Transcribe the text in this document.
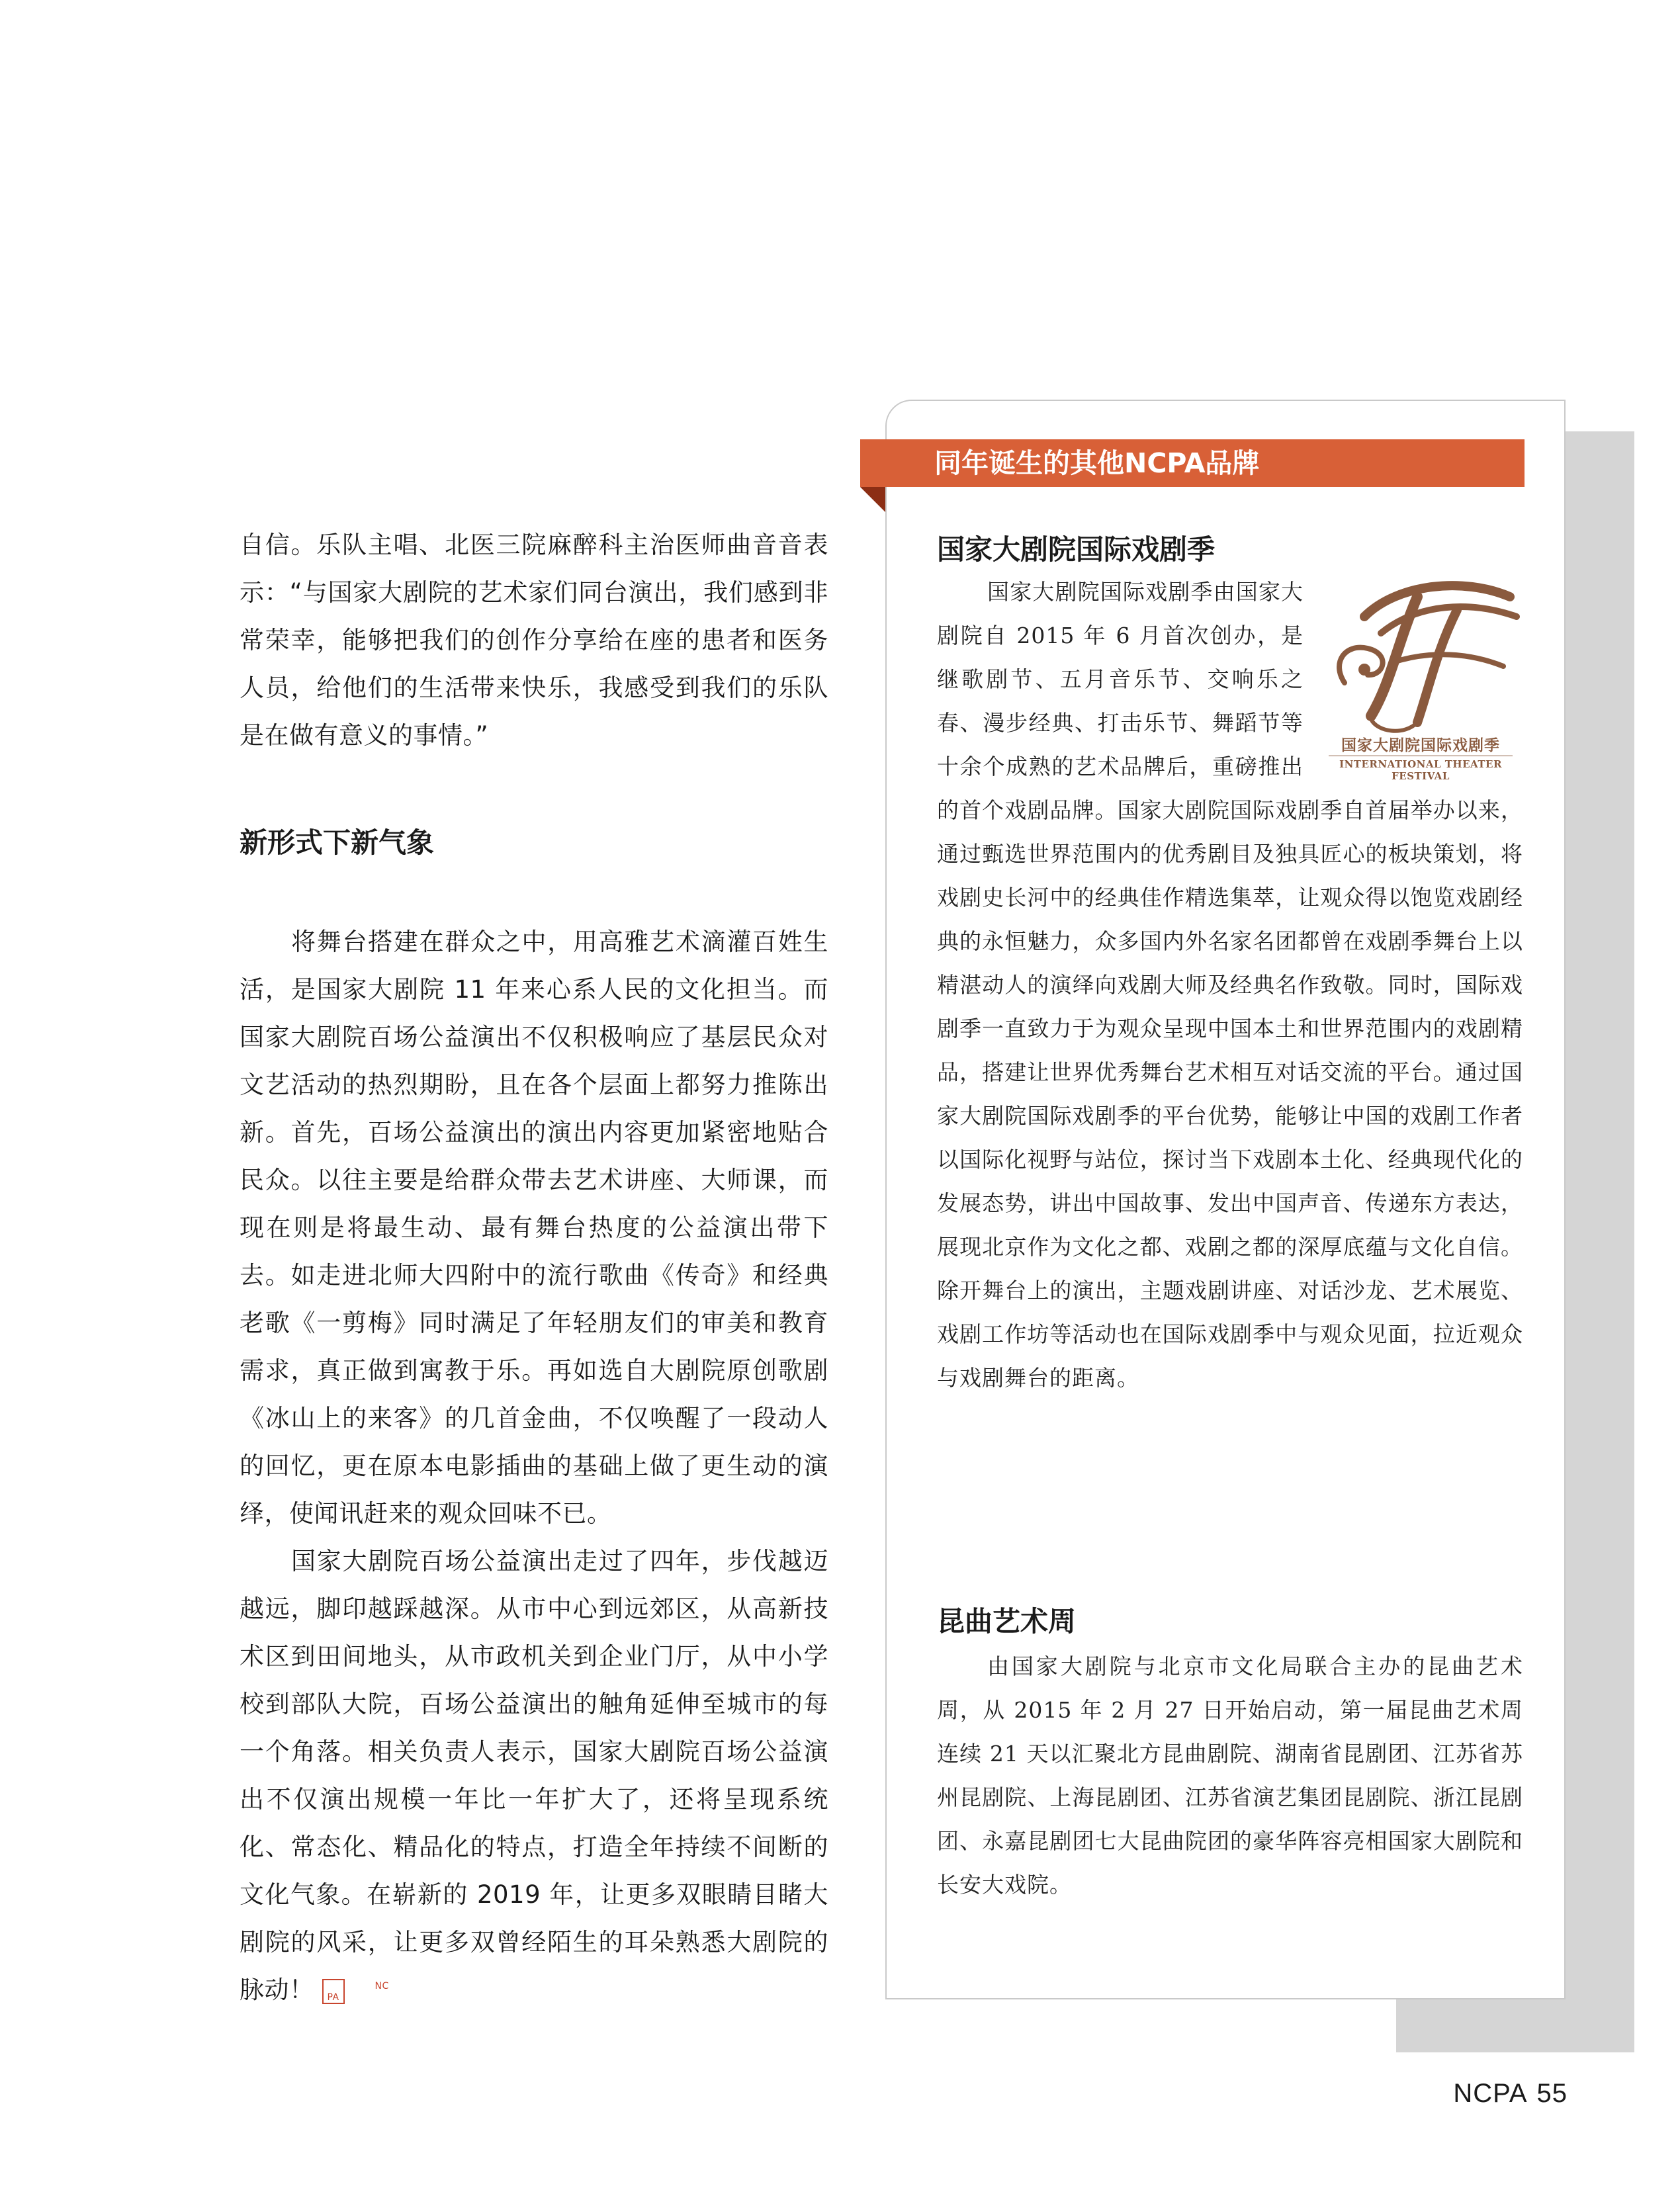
自信。乐队主唱、北医三院麻醉科主治医师曲音音表示：“与国家大剧院的艺术家们同台演出，我们感到非常荣幸，能够把我们的创作分享给在座的患者和医务人员，给他们的生活带来快乐，我感受到我们的乐队是在做有意义的事情。”

新形式下新气象

将舞台搭建在群众之中，用高雅艺术滴灌百姓生活，是国家大剧院 11 年来心系人民的文化担当。而国家大剧院百场公益演出不仅积极响应了基层民众对文艺活动的热烈期盼，且在各个层面上都努力推陈出新。首先，百场公益演出的演出内容更加紧密地贴合民众。以往主要是给群众带去艺术讲座、大师课，而现在则是将最生动、最有舞台热度的公益演出带下去。如走进北师大四附中的流行歌曲《传奇》和经典老歌《一剪梅》同时满足了年轻朋友们的审美和教育需求，真正做到寓教于乐。再如选自大剧院原创歌剧《冰山上的来客》的几首金曲，不仅唤醒了一段动人的回忆，更在原本电影插曲的基础上做了更生动的演绎，使闻讯赶来的观众回味不已。

国家大剧院百场公益演出走过了四年，步伐越迈越远，脚印越踩越深。从市中心到远郊区，从高新技术区到田间地头，从市政机关到企业门厅，从中小学校到部队大院，百场公益演出的触角延伸至城市的每一个角落。相关负责人表示，国家大剧院百场公益演出不仅演出规模一年比一年扩大了，还将呈现系统化、常态化、精品化的特点，打造全年持续不间断的文化气象。在崭新的 2019 年，让更多双眼睛目睹大剧院的风采，让更多双曾经陌生的耳朵熟悉大剧院的脉动！	NC PA

同年诞生的其他NCPA品牌
国家大剧院国际戏剧季
国家大剧院国际戏剧季
INTERNATIONAL THEATER FESTIVAL

国家大剧院国际戏剧季由国家大剧院自 2015 年 6 月首次创办，是继歌剧节、五月音乐节、交响乐之春、漫步经典、打击乐节、舞蹈节等十余个成熟的艺术品牌后，重磅推出的首个戏剧品牌。国家大剧院国际戏剧季自首届举办以来，通过甄选世界范围内的优秀剧目及独具匠心的板块策划，将戏剧史长河中的经典佳作精选集萃，让观众得以饱览戏剧经典的永恒魅力，众多国内外名家名团都曾在戏剧季舞台上以精湛动人的演绎向戏剧大师及经典名作致敬。同时，国际戏剧季一直致力于为观众呈现中国本土和世界范围内的戏剧精品，搭建让世界优秀舞台艺术相互对话交流的平台。通过国家大剧院国际戏剧季的平台优势，能够让中国的戏剧工作者以国际化视野与站位，探讨当下戏剧本土化、经典现代化的发展态势，讲出中国故事、发出中国声音、传递东方表达，展现北京作为文化之都、戏剧之都的深厚底蕴与文化自信。除开舞台上的演出，主题戏剧讲座、对话沙龙、艺术展览、戏剧工作坊等活动也在国际戏剧季中与观众见面，拉近观众与戏剧舞台的距离。

昆曲艺术周

由国家大剧院与北京市文化局联合主办的昆曲艺术周，从 2015 年 2 月 27 日开始启动，第一届昆曲艺术周连续 21 天以汇聚北方昆曲剧院、湖南省昆剧团、江苏省苏州昆剧院、上海昆剧团、江苏省演艺集团昆剧院、浙江昆剧团、永嘉昆剧团七大昆曲院团的豪华阵容亮相国家大剧院和长安大戏院。

NCPA 55
